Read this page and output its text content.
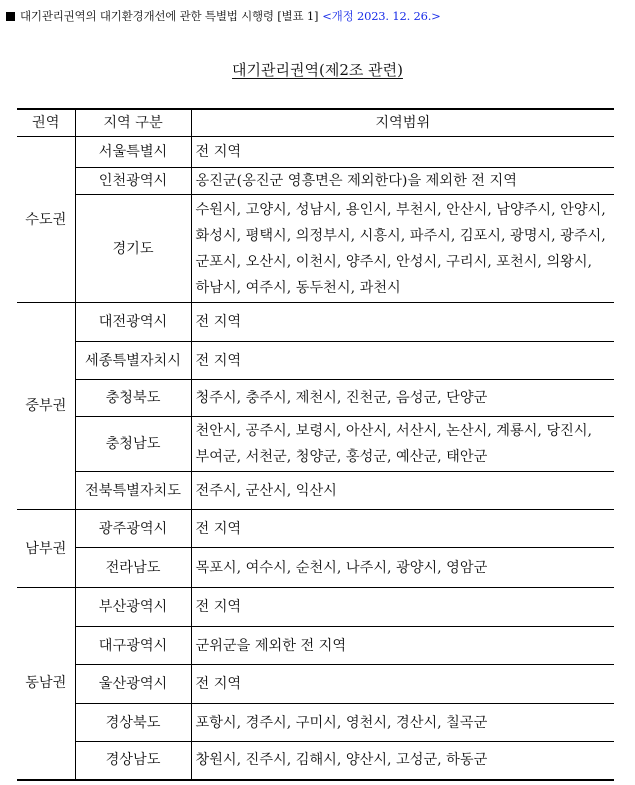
대기관리권역의 대기환경개선에 관한 특별법 시행령 [별표 1] <개정 2023. 12. 26.>
대기관리권역(제2조 관련)
권역	지역 구분	지역범위
수도권	서울특별시	전 지역
	인천광역시	옹진군(옹진군 영흥면은 제외한다)을 제외한 전 지역
	경기도	수원시, 고양시, 성남시, 용인시, 부천시, 안산시, 남양주시, 안양시, 화성시, 평택시, 의정부시, 시흥시, 파주시, 김포시, 광명시, 광주시, 군포시, 오산시, 이천시, 양주시, 안성시, 구리시, 포천시, 의왕시, 하남시, 여주시, 동두천시, 과천시
중부권	대전광역시	전 지역
	세종특별자치시	전 지역
	충청북도	청주시, 충주시, 제천시, 진천군, 음성군, 단양군
	충청남도	천안시, 공주시, 보령시, 아산시, 서산시, 논산시, 계룡시, 당진시, 부여군, 서천군, 청양군, 홍성군, 예산군, 태안군
	전북특별자치도	전주시, 군산시, 익산시
남부권	광주광역시	전 지역
	전라남도	목포시, 여수시, 순천시, 나주시, 광양시, 영암군
동남권	부산광역시	전 지역
	대구광역시	군위군을 제외한 전 지역
	울산광역시	전 지역
	경상북도	포항시, 경주시, 구미시, 영천시, 경산시, 칠곡군
	경상남도	창원시, 진주시, 김해시, 양산시, 고성군, 하동군
